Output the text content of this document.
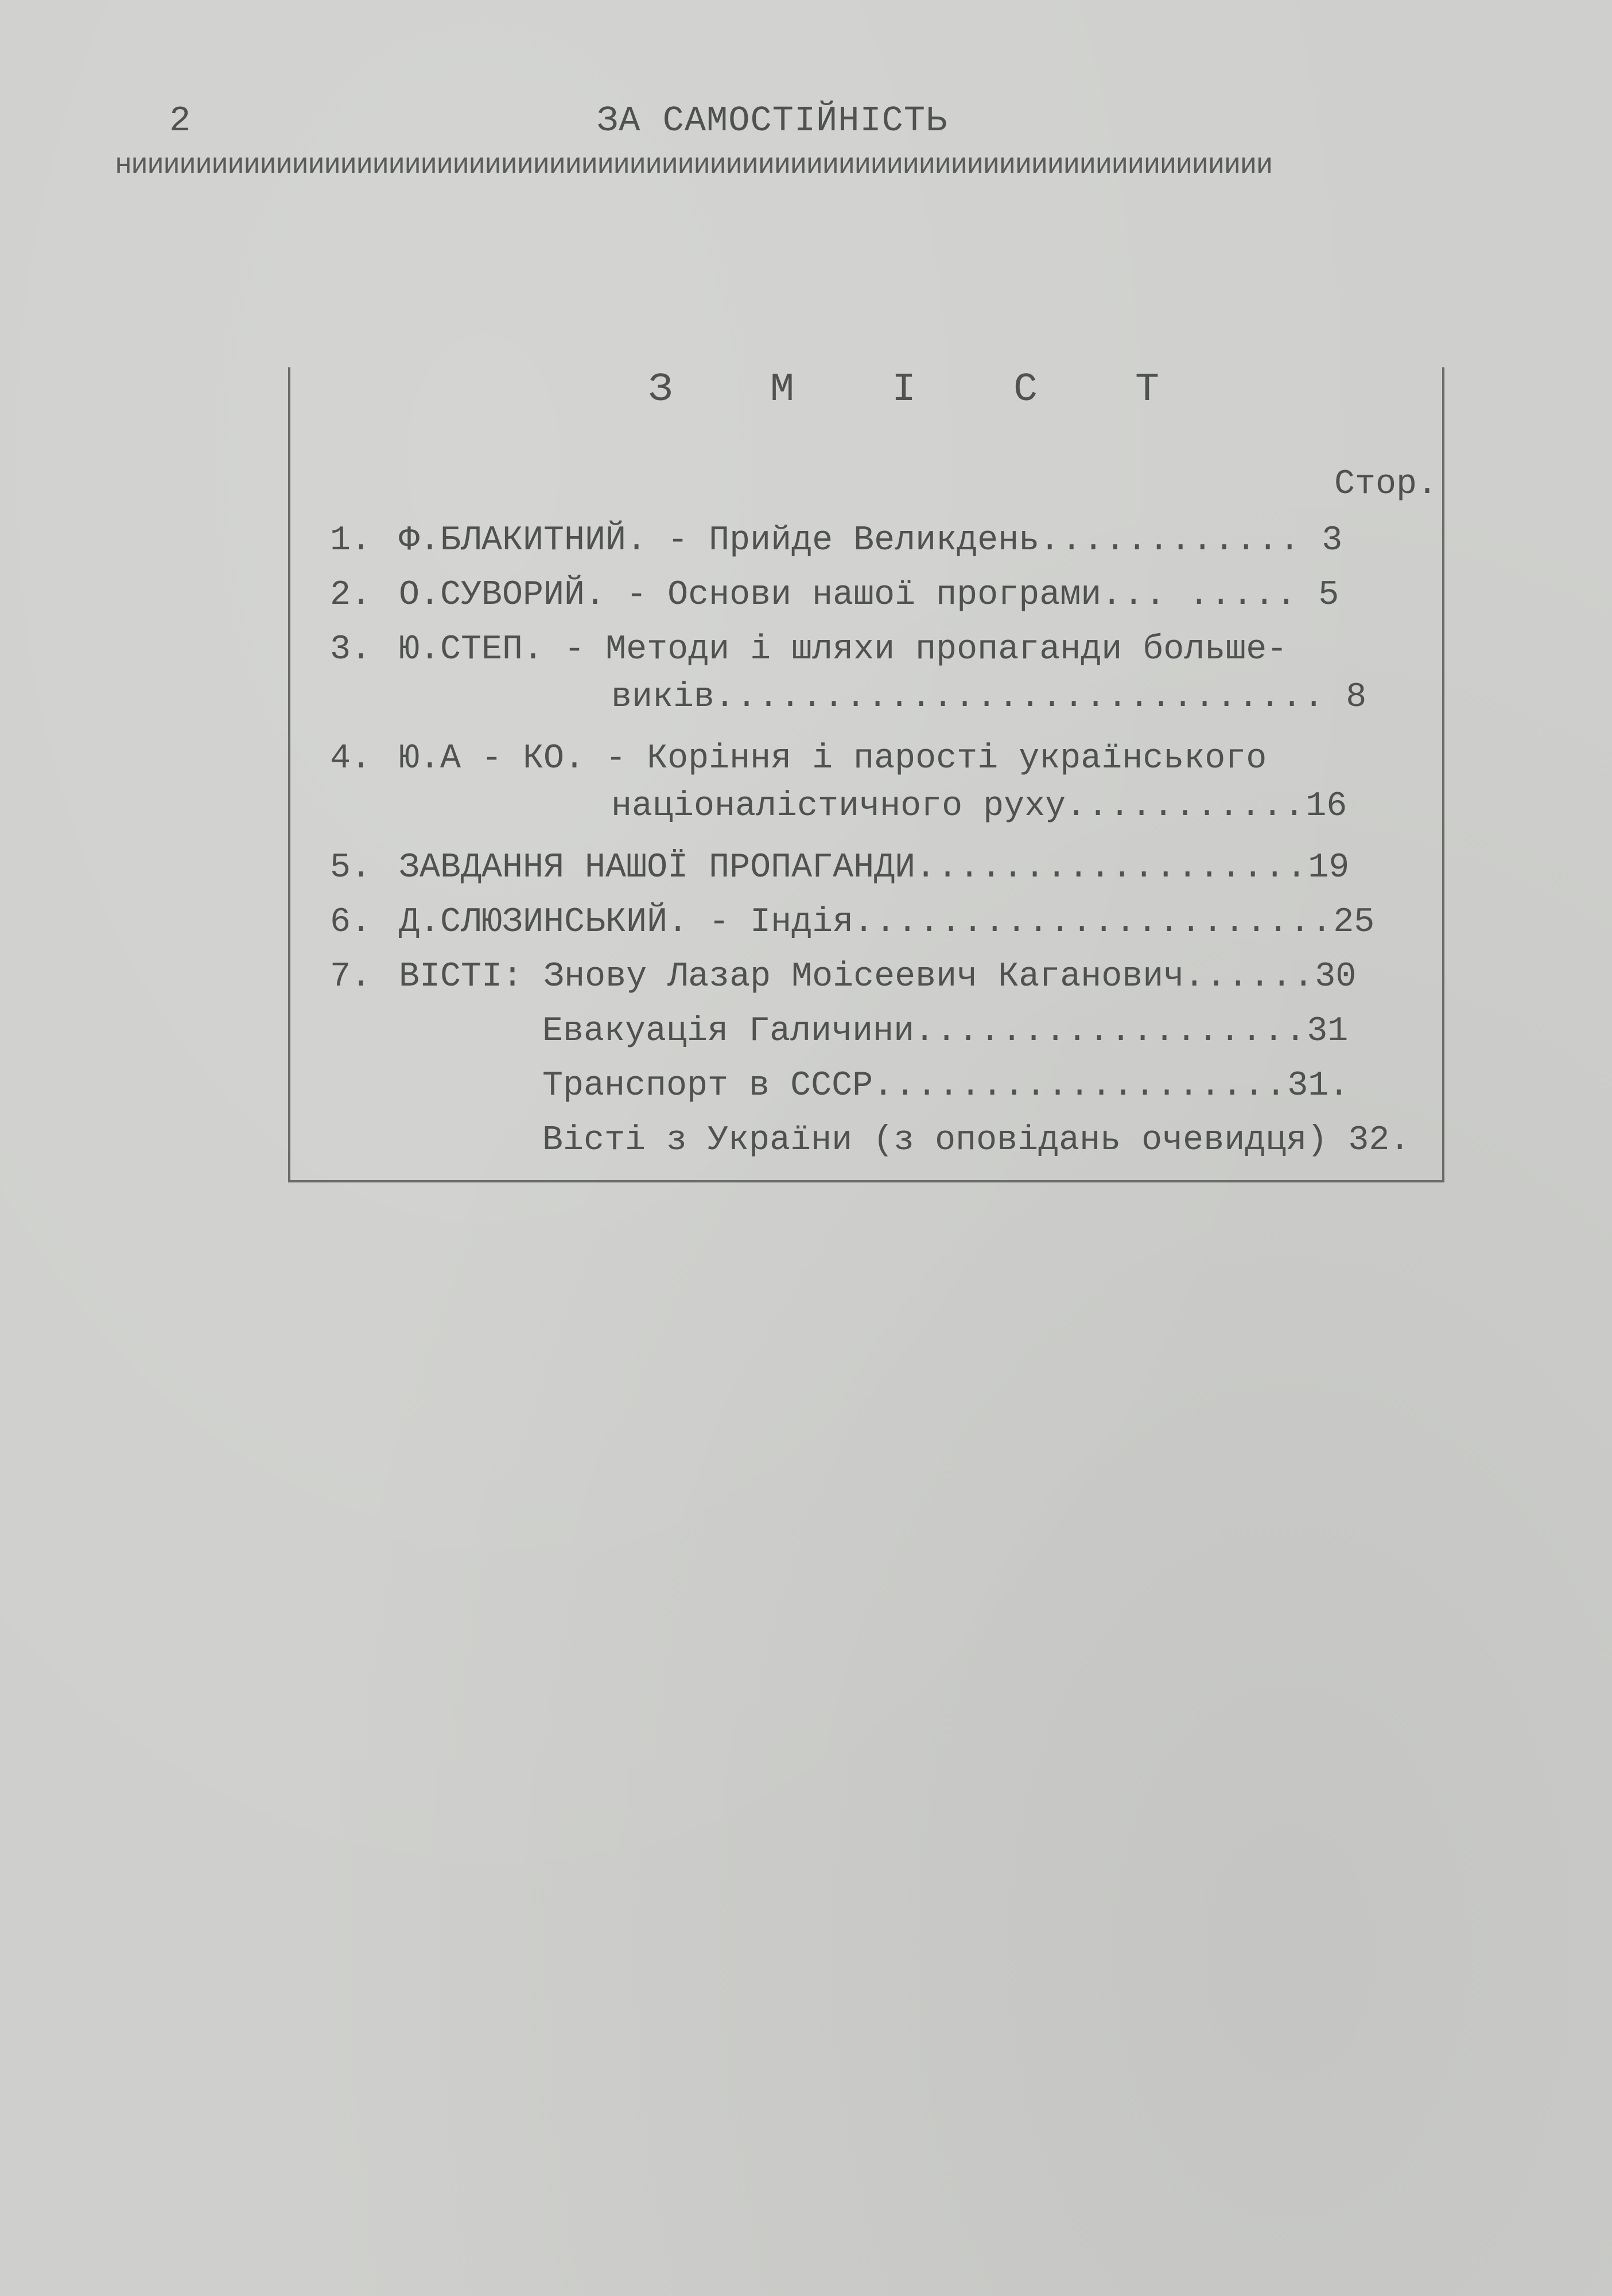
2	ЗА САМОСТІЙНІСТЬ
ниииииииииииииииииииииииииииииииииииииииииииииииииииииииииииииииииииииии
З М І С Т
Стор.
1. Ф.БЛАКИТНИЙ. - Прийде Великдень............ 3
2. О.СУВОРИЙ. - Основи нашої програми... ..... 5
3. Ю.СТЕП. - Методи і шляхи пропаганди больше-
виків............................ 8
4. Ю.А - КО. - Коріння і парості українського
націоналістичного руху...........16
5. ЗАВДАННЯ НАШОЇ ПРОПАГАНДИ..................19
6. Д.СЛЮЗИНСЬКИЙ. - Індія......................25
7. ВІСТІ: Знову Лазар Моісеевич Каганович......30
Евакуація Галичини..................31
Транспорт в СССР...................31.
Вісті з України (з оповідань очевидця) 32.
